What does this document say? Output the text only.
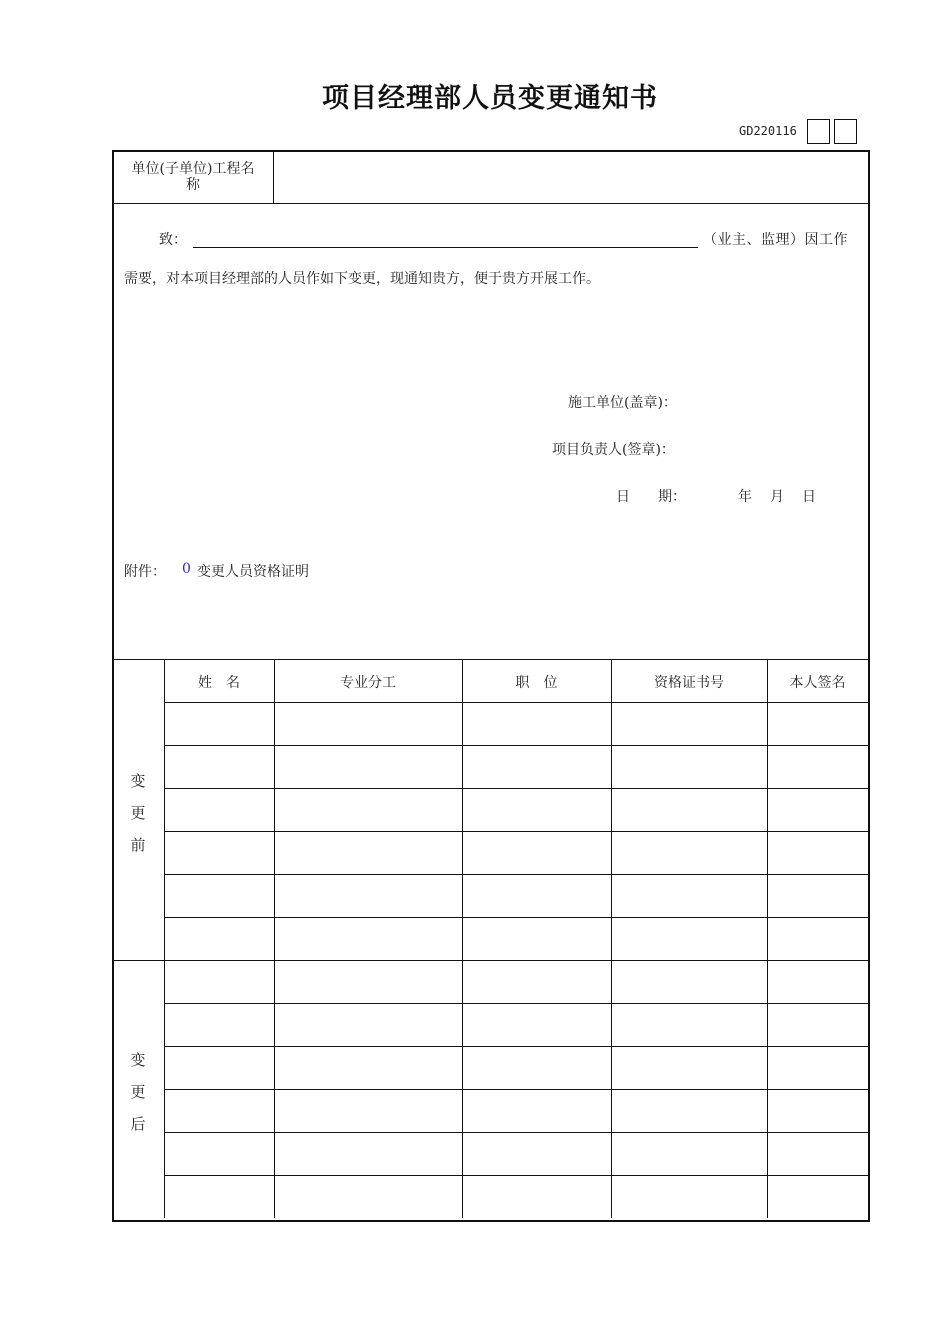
项目经理部人员变更通知书
GD220116
单位(子单位)工程名
称
致：	（业主、监理）因工作
需要，对本项目经理部的人员作如下变更，现通知贵方，便于贵方开展工作。
施工单位(盖章)：
项目负责人(签章)：
日　　期：	年 月 日
附件： 0 变更人员资格证明
姓　名	专业分工	职　位	资格证书号	本人签名
变
更
前
变
更
后
